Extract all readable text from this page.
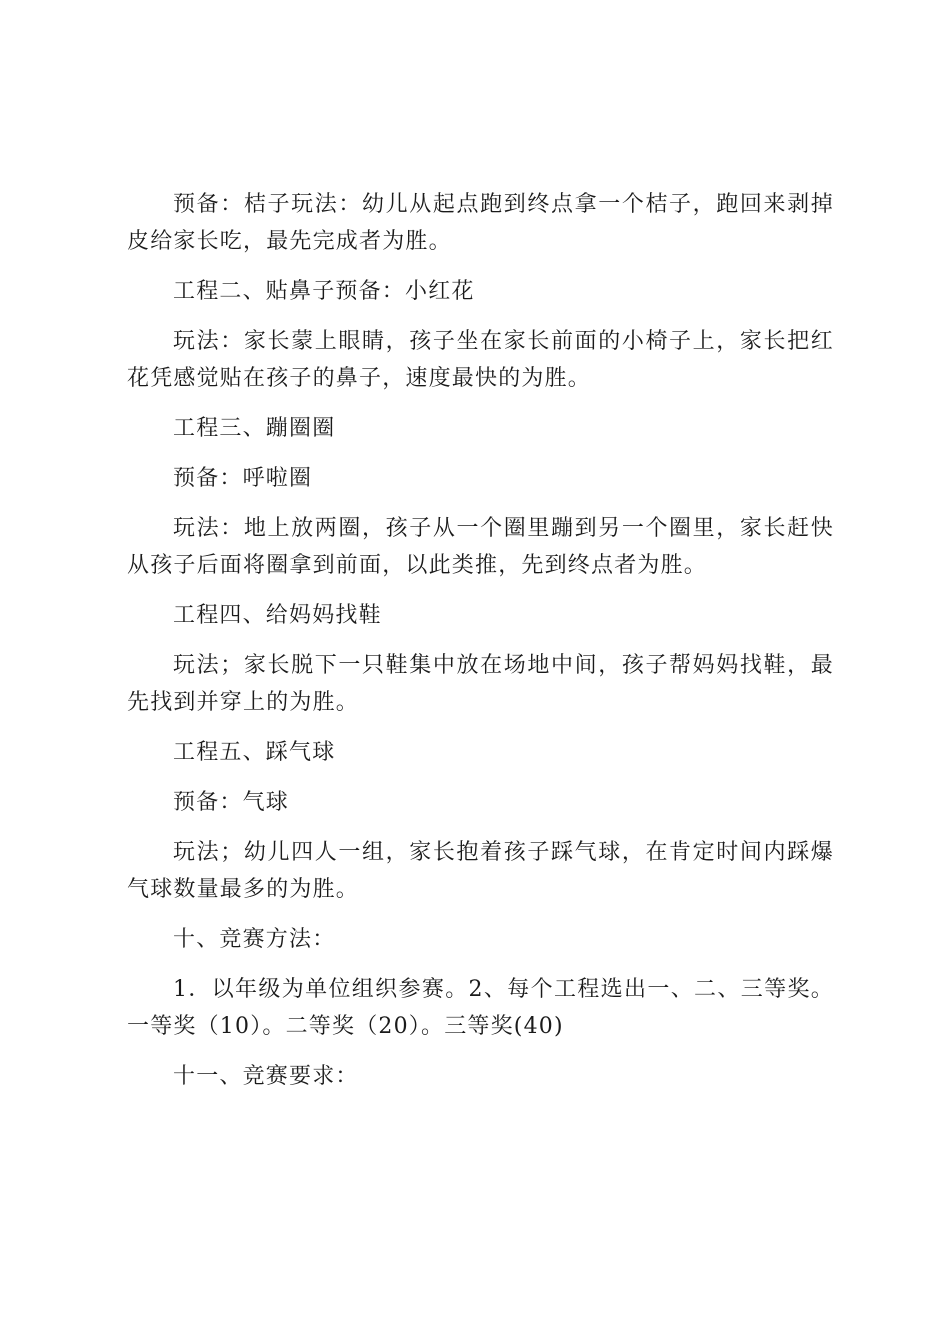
预备：桔子玩法：幼儿从起点跑到终点拿一个桔子，跑回来剥掉皮给家长吃，最先完成者为胜。

工程二、贴鼻子预备：小红花

玩法：家长蒙上眼睛，孩子坐在家长前面的小椅子上，家长把红花凭感觉贴在孩子的鼻子，速度最快的为胜。

工程三、蹦圈圈

预备：呼啦圈

玩法：地上放两圈，孩子从一个圈里蹦到另一个圈里，家长赶快从孩子后面将圈拿到前面，以此类推，先到终点者为胜。

工程四、给妈妈找鞋

玩法；家长脱下一只鞋集中放在场地中间，孩子帮妈妈找鞋，最先找到并穿上的为胜。

工程五、踩气球

预备：气球

玩法；幼儿四人一组，家长抱着孩子踩气球，在肯定时间内踩爆气球数量最多的为胜。

十、竞赛方法：

1．以年级为单位组织参赛。2、每个工程选出一、二、三等奖。一等奖（10）。二等奖（20）。三等奖(40)

十一、竞赛要求：
